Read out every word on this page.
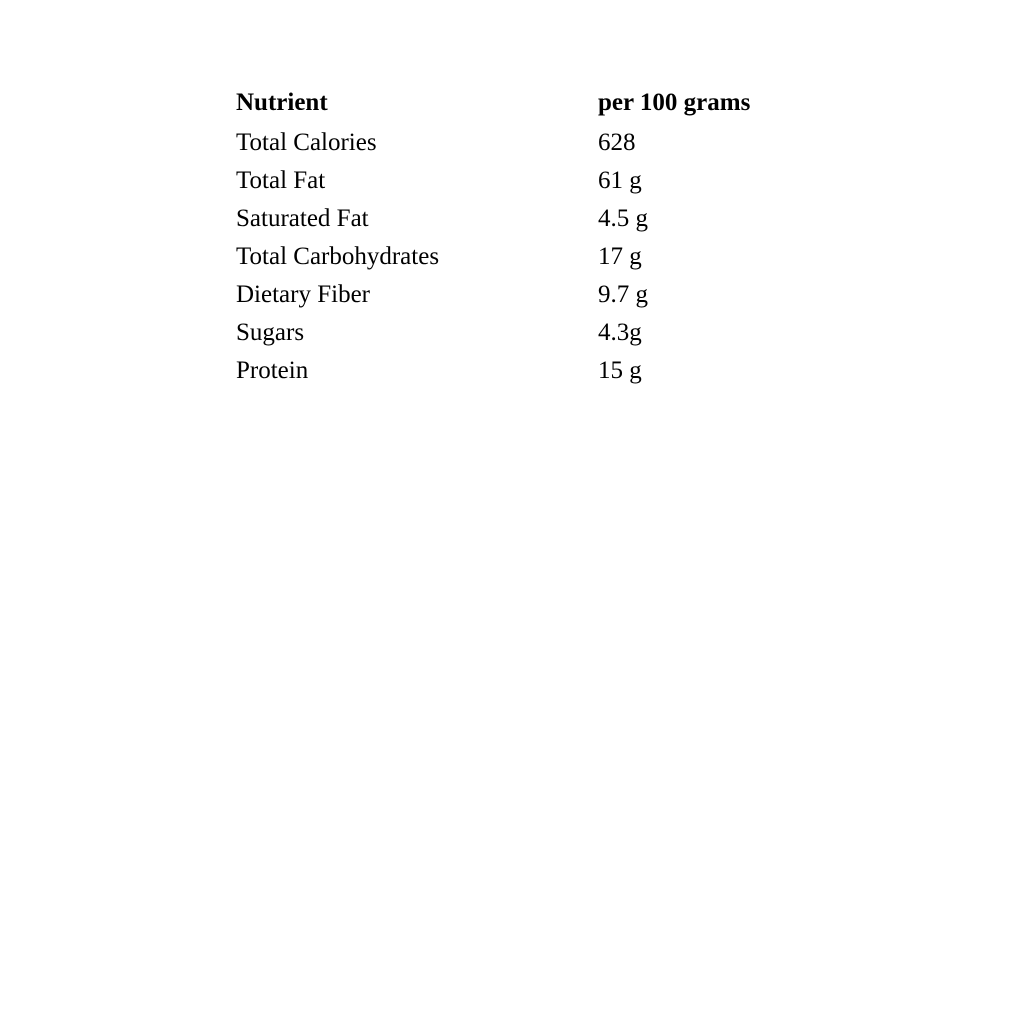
Nutrient	per 100 grams
Total Calories	628
Total Fat	61 g
Saturated Fat	4.5 g
Total Carbohydrates	17 g
Dietary Fiber	9.7 g
Sugars	4.3g
Protein	15 g
